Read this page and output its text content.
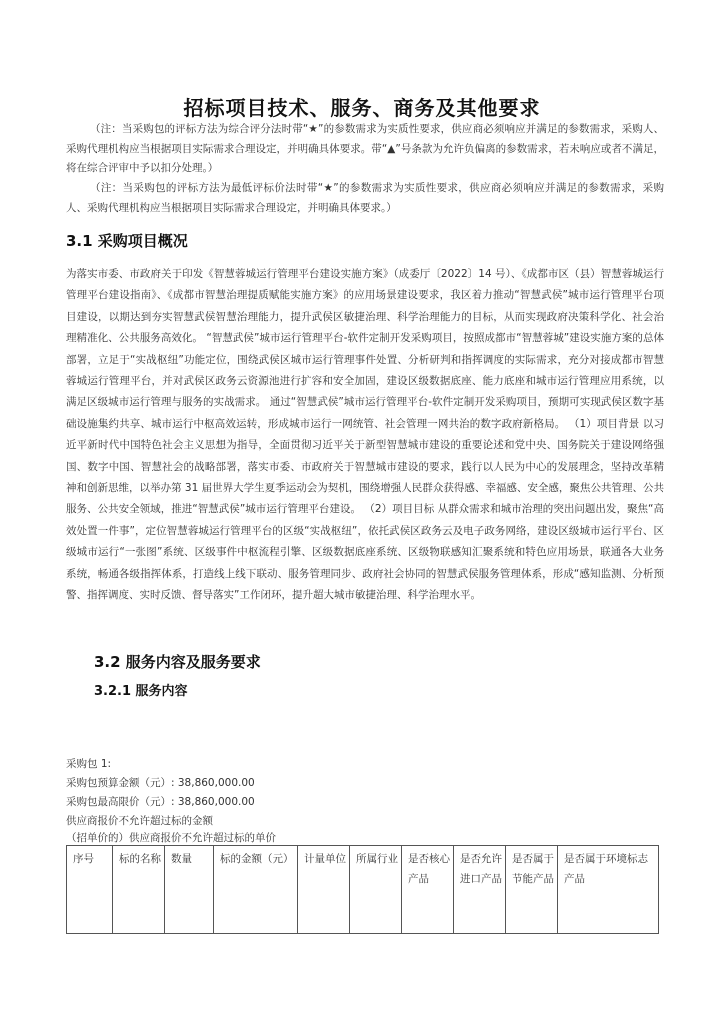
招标项目技术、服务、商务及其他要求

（注：当采购包的评标方法为综合评分法时带“★”的参数需求为实质性要求，供应商必须响应并满足的参数需求，采购人、采购代理机构应当根据项目实际需求合理设定，并明确具体要求。带“▲”号条款为允许负偏离的参数需求，若未响应或者不满足，将在综合评审中予以扣分处理。）

（注：当采购包的评标方法为最低评标价法时带“★”的参数需求为实质性要求，供应商必须响应并满足的参数需求，采购人、采购代理机构应当根据项目实际需求合理设定，并明确具体要求。）

3.1 采购项目概况

为落实市委、市政府关于印发《智慧蓉城运行管理平台建设实施方案》（成委厅〔2022〕14 号）、《成都市区（县）智慧蓉城运行管理平台建设指南》、《成都市智慧治理提质赋能实施方案》的应用场景建设要求，我区着力推动“智慧武侯”城市运行管理平台项目建设，以期达到夯实智慧武侯智慧治理能力，提升武侯区敏捷治理、科学治理能力的目标，从而实现政府决策科学化、社会治理精准化、公共服务高效化。 “智慧武侯”城市运行管理平台-软件定制开发采购项目，按照成都市“智慧蓉城”建设实施方案的总体部署，立足于“实战枢纽”功能定位，围绕武侯区城市运行管理事件处置、分析研判和指挥调度的实际需求，充分对接成都市智慧蓉城运行管理平台，并对武侯区政务云资源池进行扩容和安全加固，建设区级数据底座、能力底座和城市运行管理应用系统，以满足区级城市运行管理与服务的实战需求。 通过“智慧武侯”城市运行管理平台-软件定制开发采购项目，预期可实现武侯区数字基础设施集约共享、城市运行中枢高效运转，形成城市运行一网统管、社会管理一网共治的数字政府新格局。 （1）项目背景 以习近平新时代中国特色社会主义思想为指导，全面贯彻习近平关于新型智慧城市建设的重要论述和党中央、国务院关于建设网络强国、数字中国、智慧社会的战略部署，落实市委、市政府关于智慧城市建设的要求，践行以人民为中心的发展理念，坚持改革精神和创新思维，以举办第 31 届世界大学生夏季运动会为契机，围绕增强人民群众获得感、幸福感、安全感，聚焦公共管理、公共服务、公共安全领域，推进“智慧武侯”城市运行管理平台建设。 （2）项目目标 从群众需求和城市治理的突出问题出发，聚焦“高效处置一件事”，定位智慧蓉城运行管理平台的区级“实战枢纽”，依托武侯区政务云及电子政务网络，建设区级城市运行平台、区级城市运行“一张图”系统、区级事件中枢流程引擎、区级数据底座系统、区级物联感知汇聚系统和特色应用场景，联通各大业务系统，畅通各级指挥体系，打造线上线下联动、服务管理同步、政府社会协同的智慧武侯服务管理体系，形成“感知监测、分析预警、指挥调度、实时反馈、督导落实”工作闭环，提升超大城市敏捷治理、科学治理水平。

3.2 服务内容及服务要求
3.2.1 服务内容
采购包 1:
采购包预算金额（元）: 38,860,000.00
采购包最高限价（元）: 38,860,000.00
供应商报价不允许超过标的金额
（招单价的）供应商报价不允许超过标的单价
序号	标的名称	数量	标的金额（元）	计量单位	所属行业	是否核心产品	是否允许进口产品	是否属于节能产品	是否属于环境标志产品
